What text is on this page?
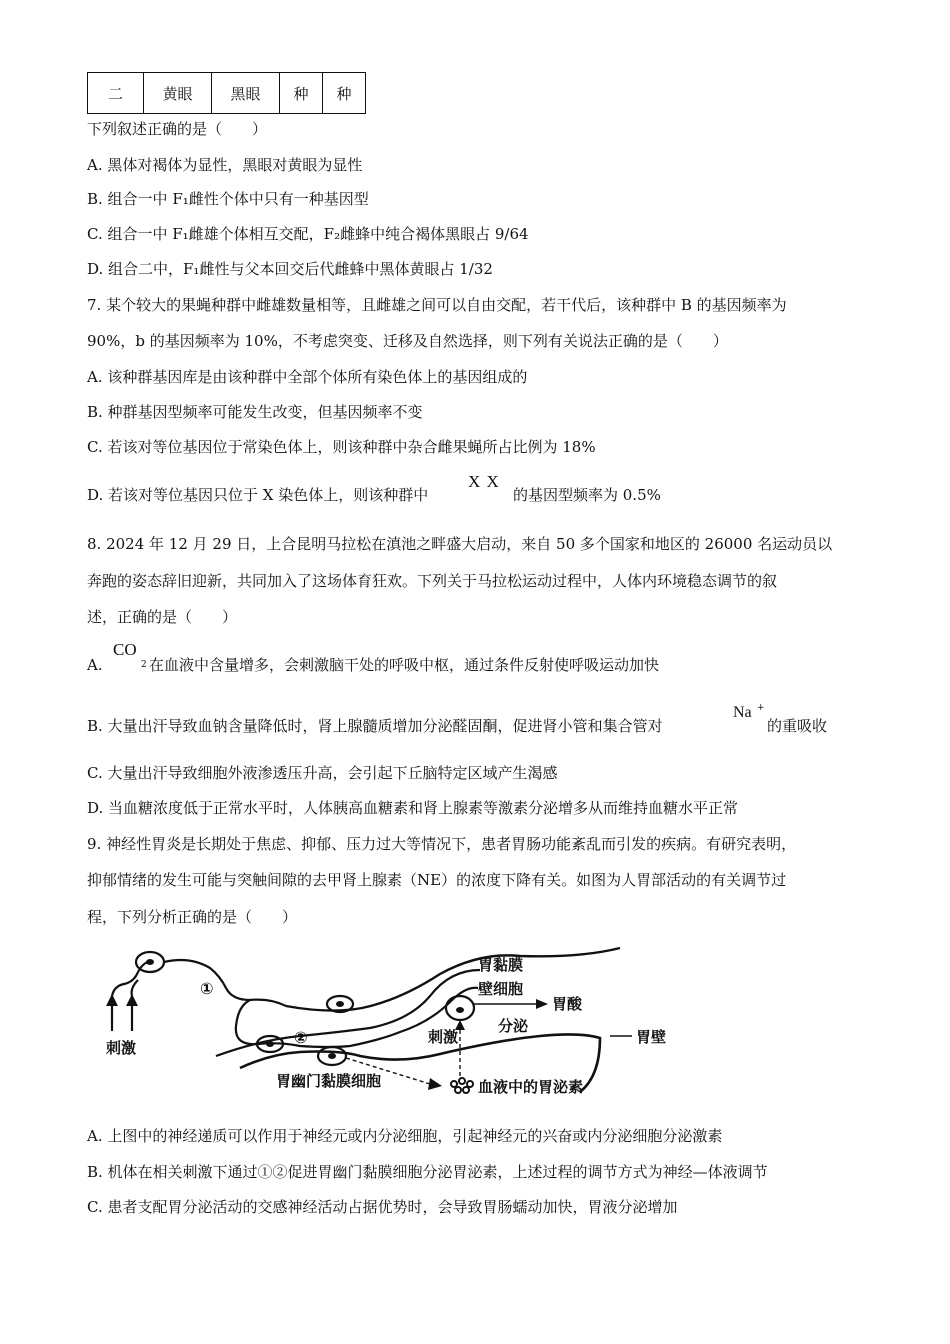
二	黄眼	黑眼	种	种
下列叙述正确的是（　　）
A. 黑体对褐体为显性，黑眼对黄眼为显性
B. 组合一中 F₁雌性个体中只有一种基因型
C. 组合一中 F₁雌雄个体相互交配，F₂雌蜂中纯合褐体黑眼占 9/64
D. 组合二中，F₁雌性与父本回交后代雌蜂中黑体黄眼占 1/32
7. 某个较大的果蝇种群中雌雄数量相等，且雌雄之间可以自由交配，若干代后，该种群中 B 的基因频率为
90%，b 的基因频率为 10%，不考虑突变、迁移及自然选择，则下列有关说法正确的是（　　）
A. 该种群基因库是由该种群中全部个体所有染色体上的基因组成的
B. 种群基因型频率可能发生改变，但基因频率不变
C. 若该对等位基因位于常染色体上，则该种群中杂合雌果蝇所占比例为 18%
D. 若该对等位基因只位于 X 染色体上，则该种群中
X X
的基因型频率为 0.5%
8. 2024 年 12 月 29 日，上合昆明马拉松在滇池之畔盛大启动，来自 50 多个国家和地区的 26000 名运动员以
奔跑的姿态辞旧迎新，共同加入了这场体育狂欢。下列关于马拉松运动过程中，人体内环境稳态调节的叙
述，正确的是（　　）
A.
CO
2 在血液中含量增多，会刺激脑干处的呼吸中枢，通过条件反射使呼吸运动加快
B. 大量出汗导致血钠含量降低时，肾上腺髓质增加分泌醛固酮，促进肾小管和集合管对
Na +
的重吸收
C. 大量出汗导致细胞外液渗透压升高，会引起下丘脑特定区域产生渴感
D. 当血糖浓度低于正常水平时，人体胰高血糖素和肾上腺素等激素分泌增多从而维持血糖水平正常
9. 神经性胃炎是长期处于焦虑、抑郁、压力过大等情况下，患者胃肠功能紊乱而引发的疾病。有研究表明，
抑郁情绪的发生可能与突触间隙的去甲肾上腺素（NE）的浓度下降有关。如图为人胃部活动的有关调节过
程，下列分析正确的是（　　）
①
②
刺激
胃黏膜
壁细胞
刺激
分泌
胃酸
胃壁
胃幽门黏膜细胞	血液中的胃泌素
A. 上图中的神经递质可以作用于神经元或内分泌细胞，引起神经元的兴奋或内分泌细胞分泌激素
B. 机体在相关刺激下通过①②促进胃幽门黏膜细胞分泌胃泌素，上述过程的调节方式为神经—体液调节
C. 患者支配胃分泌活动的交感神经活动占据优势时，会导致胃肠蠕动加快，胃液分泌增加
